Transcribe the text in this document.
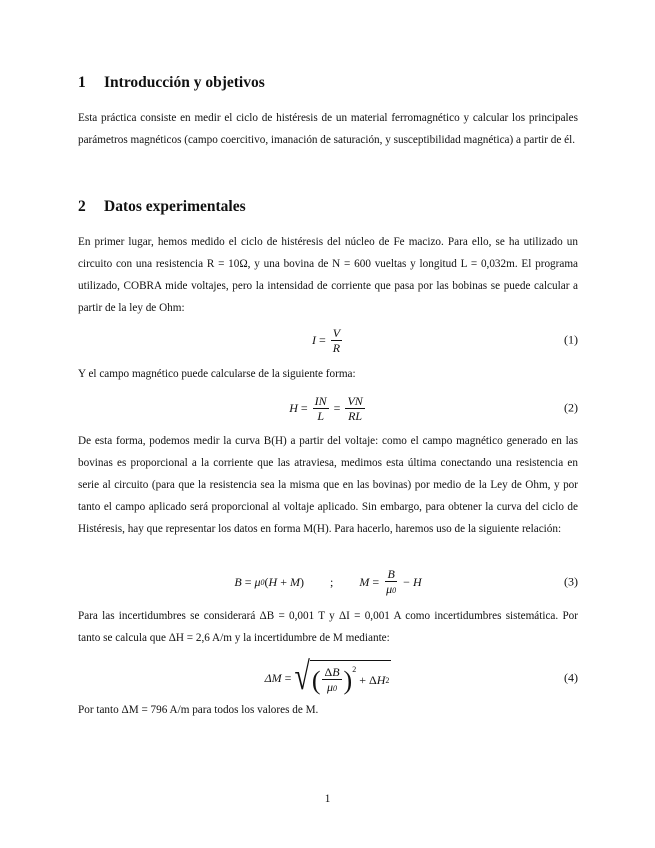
1 Introducción y objetivos

Esta práctica consiste en medir el ciclo de histéresis de un material ferromagnético y calcular los principales parámetros magnéticos (campo coercitivo, imanación de saturación, y susceptibilidad magnética) a partir de él.

2 Datos experimentales

En primer lugar, hemos medido el ciclo de histéresis del núcleo de Fe macizo. Para ello, se ha utilizado un circuito con una resistencia R = 10Ω, y una bovina de N = 600 vueltas y longitud L = 0,032m. El programa utilizado, COBRA mide voltajes, pero la intensidad de corriente que pasa por las bobinas se puede calcular a partir de la ley de Ohm:

I =
$\frac{V}{R}$	(1)

Y el campo magnético puede calcularse de la siguiente forma:

H =
$\frac{IN}{L}$
=
$\frac{VN}{RL}$	(2)

De esta forma, podemos medir la curva B(H) a partir del voltaje: como el campo magnético generado en las bovinas es proporcional a la corriente que las atraviesa, medimos esta última conectando una resistencia en serie al circuito (para que la resistencia sea la misma que en las bovinas) por medio de la Ley de Ohm, y por tanto el campo aplicado será proporcional al voltaje aplicado. Sin embargo, para obtener la curva del ciclo de Histéresis, hay que representar los datos en forma M(H). Para hacerlo, haremos uso de la siguiente relación:

B = μ 0 ( H + M ) ; M =
$\frac{B}{\mu 0}$
− H	(3)

Para las incertidumbres se considerará ΔB = 0,001 T y ΔI = 0,001 A como incertidumbres sistemática. Por tanto se calcula que ΔH = 2,6 A/m y la incertidumbre de M mediante:

ΔM =
√ ( $\frac{\Delta B}{\mu 0} )^2$

+
Δ H 2	(4)

Por tanto ΔM = 796 A/m para todos los valores de M.

1
